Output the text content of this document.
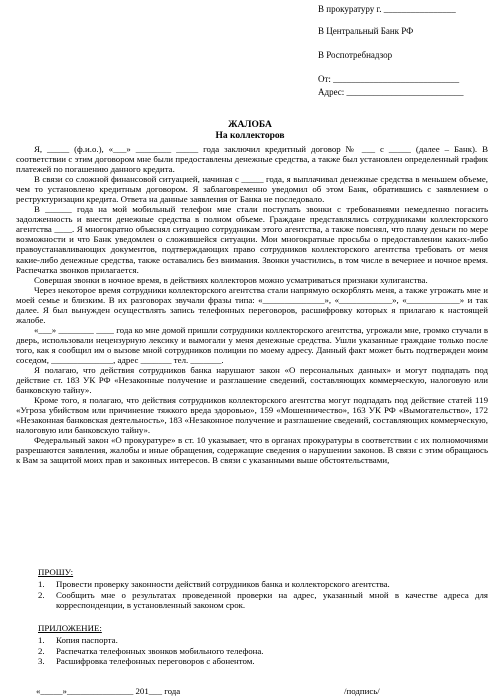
В прокуратуру г. ________________
В Центральный Банк РФ
В Роспотребнадзор
От: ____________________________
Адрес: __________________________
ЖАЛОБА
На коллекторов

Я, _____ (ф.и.о.), «___» ________ _____ года заключил кредитный договор № ___ с _____ (далее – Банк). В соответствии с этим договором мне были предоставлены денежные средства, а также был установлен определенный график платежей по погашению данного кредита.

В связи со сложной финансовой ситуацией, начиная с _____ года, я выплачивал денежные средства в меньшем объеме, чем то установлено кредитным договором. Я заблаговременно уведомил об этом Банк, обратившись с заявлением о реструктуризации кредита. Ответа на данные заявления от Банка не последовало.

В ______ года на мой мобильный телефон мне стали поступать звонки с требованиями немедленно погасить задолженность и внести денежные средства в полном объеме. Граждане представлялись сотрудниками коллекторского агентства ____. Я многократно объяснял ситуацию сотрудникам этого агентства, а также пояснял, что плачу деньги по мере возможности и что Банк уведомлен о сложившейся ситуации. Мои многократные просьбы о предоставлении каких-либо правоустанавливающих документов, подтверждающих право сотрудников коллекторского агентства требовать от меня какие-либо денежные средства, также оставались без внимания. Звонки участились, в том числе в вечернее и ночное время. Распечатка звонков прилагается.

Совершая звонки в ночное время, в действиях коллекторов можно усматриваться признаки хулиганства.

Через некоторое время сотрудники коллекторского агентства стали напрямую оскорблять меня, а также угрожать мне и моей семье и близким. В их разговорах звучали фразы типа: «______________», «____________», «____________» и так далее. Я был вынужден осуществлять запись телефонных переговоров, расшифровку которых я прилагаю к настоящей жалобе.

«___» ________ ____ года ко мне домой пришли сотрудники коллекторского агентства, угрожали мне, громко стучали в дверь, использовали нецензурную лексику и вымогали у меня денежные средства. Ушли указанные граждане только после того, как я сообщил им о вызове мной сотрудников полиции по моему адресу. Данный факт может быть подтвержден моим соседом, ______________, адрес _______ тел. _______.

Я полагаю, что действия сотрудников банка нарушают закон «О персональных данных» и могут подпадать под действие ст. 183 УК РФ «Незаконные получение и разглашение сведений, составляющих коммерческую, налоговую или банковскую тайну».

Кроме того, я полагаю, что действия сотрудников коллекторского агентства могут подпадать под действие статей 119 «Угроза убийством или причинение тяжкого вреда здоровью», 159 «Мошенничество», 163 УК РФ «Вымогательство», 172 «Незаконная банковская деятельность», 183 «Незаконное получение и разглашение сведений, составляющих коммерческую, налоговую или банковскую тайну».

Федеральный закон «О прокуратуре» в ст. 10 указывает, что в органах прокуратуры в соответствии с их полномочиями разрешаются заявления, жалобы и иные обращения, содержащие сведения о нарушении законов. В связи с этим обращаюсь к Вам за защитой моих прав и законных интересов. В связи с указанными выше обстоятельствами,

ПРОШУ:
1. Провести проверку законности действий сотрудников банка и коллекторского агентства.
2. Сообщить мне о результатах проведенной проверки на адрес, указанный мной в качестве адреса для корреспонденции, в установленный законом срок.
ПРИЛОЖЕНИЕ:
1. Копия паспорта.
2. Распечатка телефонных звонков мобильного телефона.
3. Расшифровка телефонных переговоров с абонентом.
«_____»_______________ 201___ года	/подпись/
